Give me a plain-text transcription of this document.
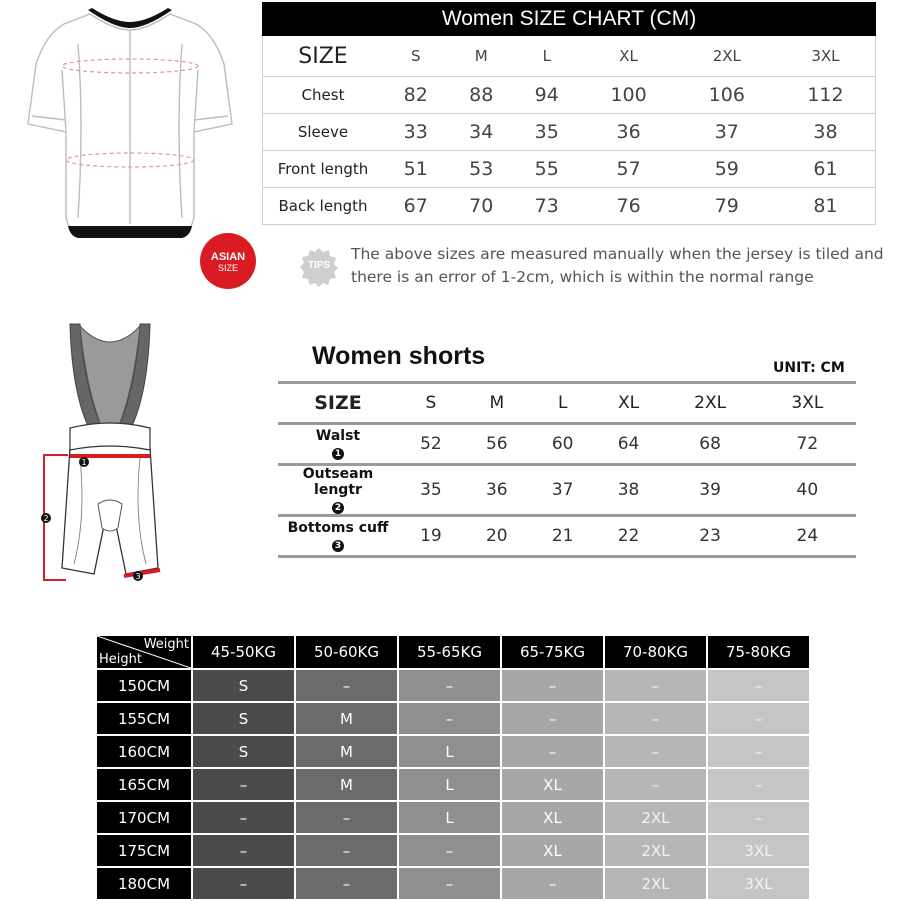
Women SIZE CHART (CM)
SIZE	S	M	L	XL	2XL	3XL
Chest	82	88	94	100	106	112
Sleeve	33	34	35	36	37	38
Front length	51	53	55	57	59	61
Back length	67	70	73	76	79	81
ASIAN
SIZE	TIPS
The above sizes are measured manually when the jersey is tiled and there is an error of 1-2cm, which is within the normal range
1
2
3
Women shorts	UNIT: CM
SIZE	S	M	L	XL	2XL	3XL

Walst
1	52	56	60	64	68	72

Outseam lengtr
2	35	36	37	38	39	40

Bottoms cuff
3	19	20	21	22	23	24
Weight
Height	45-50KG	50-60KG	55-65KG	65-75KG	70-80KG	75-80KG
150CM	S	–	–	–	–	–
155CM	S	M	–	–	–	–
160CM	S	M	L	–	–	–
165CM	–	M	L	XL	–	–
170CM	–	–	L	XL	2XL	–
175CM	–	–	–	XL	2XL	3XL
180CM	–	–	–	–	2XL	3XL
